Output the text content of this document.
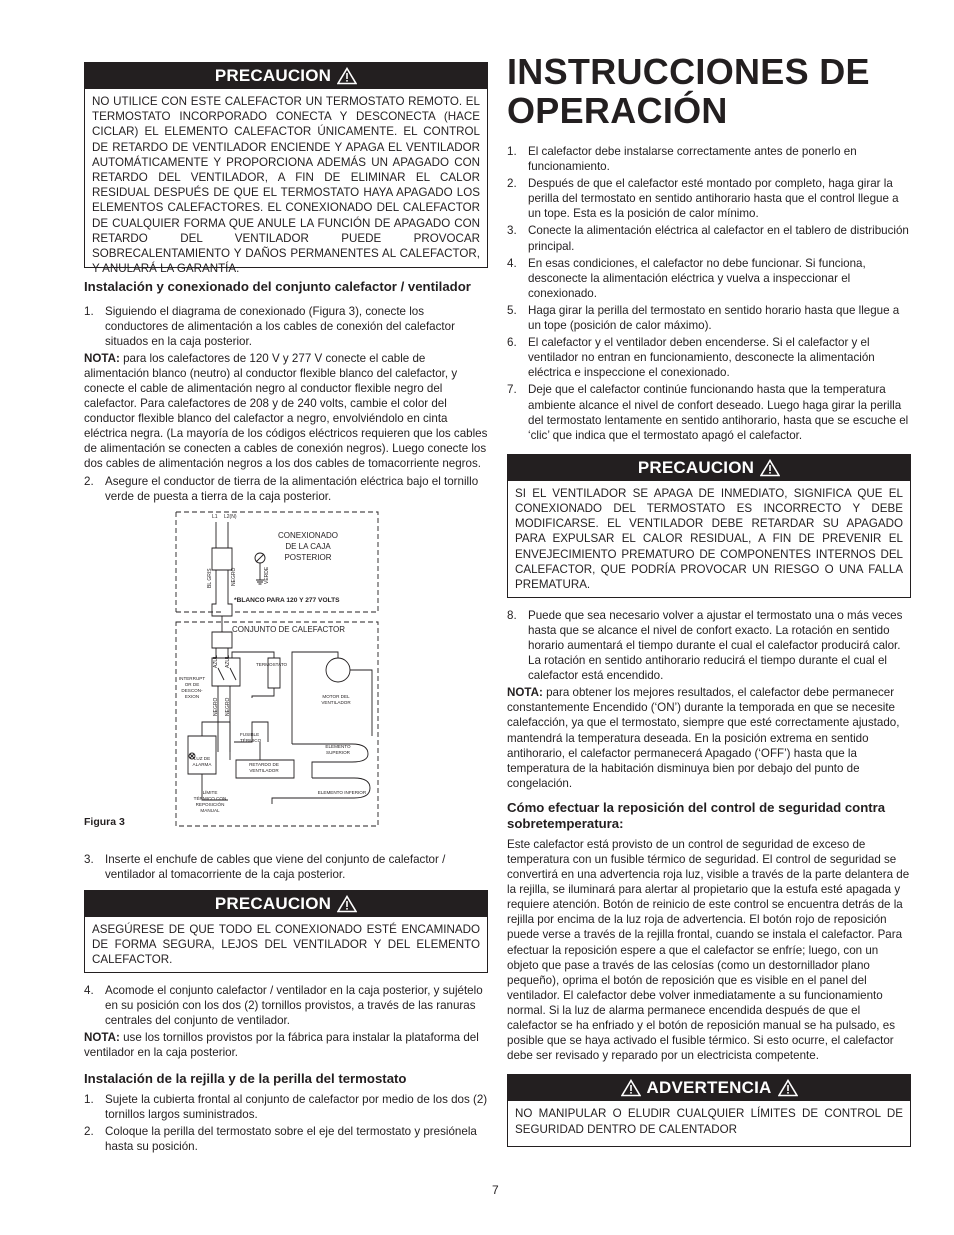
PRECAUCION
NO UTILICE CON ESTE CALEFACTOR UN TERMOSTATO REMOTO. EL TERMOSTATO INCORPORADO CONECTA Y DESCONECTA (HACE CICLAR) EL ELEMENTO CALEFACTOR ÚNICAMENTE. EL CONTROL DE RETARDO DE VENTILADOR ENCIENDE Y APAGA EL VENTILADOR AUTOMÁTICAMENTE Y PROPORCIONA ADEMÁS UN APAGADO CON RETARDO DEL VENTILADOR, A FIN DE ELIMINAR EL CALOR RESIDUAL DESPUÉS DE QUE EL TERMOSTATO HAYA APAGADO LOS ELEMENTOS CALEFACTORES. EL CONEXIONADO DEL CALEFACTOR DE CUALQUIER FORMA QUE ANULE LA FUNCIÓN DE APAGADO CON RETARDO DEL VENTILADOR PUEDE PROVOCAR SOBRECALENTAMIENTO Y DAÑOS PERMANENTES AL CALEFACTOR, Y ANULARÁ LA GARANTÍA.
Instalación y conexionado del conjunto calefactor / ventilador
1. Siguiendo el diagrama de conexionado (Figura 3), conecte los conductores de alimentación a los cables de conexión del calefactor situados en la caja posterior.

NOTA: para los calefactores de 120 V y 277 V conecte el cable de alimentación blanco (neutro) al conductor flexible blanco del calefactor, y conecte el cable de alimentación negro al conductor flexible negro del calefactor. Para calefactores de 208 y de 240 volts, cambie el color del conductor flexible blanco del calefactor a negro, envolviéndolo en cinta eléctrica negra. (La mayoría de los códigos eléctricos requieren que los cables de alimentación se conecten a cables de conexión negros). Luego conecte los dos cables de alimentación negros a los dos cables de tomacorriente negros.

2. Asegure el conductor de tierra de la alimentación eléctrica bajo el tornillo verde de puesta a tierra de la caja posterior.
L1 L2(N)
CONEXIONADO
DE LA CAJA
POSTERIOR
NEGRO
BL GRIS	VERDE
*BLANCO PARA 120 Y 277 VOLTS
CONJUNTO DE CALEFACTOR
TERMOSTATO
AZUL AZUL
INTERRUPT
OR DE
DESCON-
EXION
NEGRO NEGRO
MOTOR DEL
VENTILADOR
FUSIBLE
TÉRMICO
ELEMENTO
SUPERIOR
LUZ DE
ALARMA	RETARDO DE
VENTILADOR
ELEMENTO INFERIOR
LÍMITE
TÉRMICO CON
REPOSICIÓN
MANUAL
Figura 3
3. Inserte el enchufe de cables que viene del conjunto de calefactor / ventilador al tomacorriente de la caja posterior.
PRECAUCION
ASEGÚRESE DE QUE TODO EL CONEXIONADO ESTÉ ENCAMINADO DE FORMA SEGURA, LEJOS DEL VENTILADOR Y DEL ELEMENTO CALEFACTOR.
4. Acomode el conjunto calefactor / ventilador en la caja posterior, y sujételo en su posición con los dos (2) tornillos provistos, a través de las ranuras centrales del conjunto de ventilador.

NOTA: use los tornillos provistos por la fábrica para instalar la plataforma del ventilador en la caja posterior.

Instalación de la rejilla y de la perilla del termostato
1. Sujete la cubierta frontal al conjunto de calefactor por medio de los dos (2) tornillos largos suministrados.
2. Coloque la perilla del termostato sobre el eje del termostato y presiónela hasta su posición.
INSTRUCCIONES DE OPERACIÓN
1. El calefactor debe instalarse correctamente antes de ponerlo en funcionamiento.
2. Después de que el calefactor esté montado por completo, haga girar la perilla del termostato en sentido antihorario hasta que el control llegue a un tope. Esta es la posición de calor mínimo.
3. Conecte la alimentación eléctrica al calefactor en el tablero de distribución principal.
4. En esas condiciones, el calefactor no debe funcionar. Si funciona, desconecte la alimentación eléctrica y vuelva a inspeccionar el conexionado.
5. Haga girar la perilla del termostato en sentido horario hasta que llegue a un tope (posición de calor máximo).
6. El calefactor y el ventilador deben encenderse. Si el calefactor y el ventilador no entran en funcionamiento, desconecte la alimentación eléctrica e inspeccione el conexionado.
7. Deje que el calefactor continúe funcionando hasta que la temperatura ambiente alcance el nivel de confort deseado. Luego haga girar la perilla del termostato lentamente en sentido antihorario, hasta que se escuche el ‘clic’ que indica que el termostato apagó el calefactor.
PRECAUCION
SI EL VENTILADOR SE APAGA DE INMEDIATO, SIGNIFICA QUE EL CONEXIONADO DEL TERMOSTATO ES INCORRECTO Y DEBE MODIFICARSE. EL VENTILADOR DEBE RETARDAR SU APAGADO PARA EXPULSAR EL CALOR RESIDUAL, A FIN DE PREVENIR EL ENVEJECIMIENTO PREMATURO DE COMPONENTES INTERNOS DEL CALEFACTOR, QUE PODRÍA PROVOCAR UN RIESGO O UNA FALLA PREMATURA.
8. Puede que sea necesario volver a ajustar el termostato una o más veces hasta que se alcance el nivel de confort exacto. La rotación en sentido horario aumentará el tiempo durante el cual el calefactor producirá calor. La rotación en sentido antihorario reducirá el tiempo durante el cual el calefactor está encendido.

NOTA: para obtener los mejores resultados, el calefactor debe permanecer constantemente Encendido (‘ON’) durante la temporada en que se necesite calefacción, ya que el termostato, siempre que esté correctamente ajustado, mantendrá la temperatura deseada. En la posición extrema en sentido antihorario, el calefactor permanecerá Apagado (‘OFF’) hasta que la temperatura de la habitación disminuya bien por debajo del punto de congelación.

Cómo efectuar la reposición del control de seguridad contra sobretemperatura:

Este calefactor está provisto de un control de seguridad de exceso de temperatura con un fusible térmico de seguridad. El control de seguridad se convertirá en una advertencia roja luz, visible a través de la parte delantera de la rejilla, se iluminará para alertar al propietario que la estufa esté apagada y requiere atención. Botón de reinicio de este control se encuentra detrás de la rejilla por encima de la luz roja de advertencia. El botón rojo de reposición puede verse a través de la rejilla frontal, cuando se instala el calefactor. Para efectuar la reposición espere a que el calefactor se enfríe; luego, con un objeto que pase a través de las celosías (como un destornillador plano pequeño), oprima el botón de reposición que es visible en el panel del ventilador. El calefactor debe volver inmediatamente a su funcionamiento normal. Si la luz de alarma permanece encendida después de que el calefactor se ha enfriado y el botón de reposición manual se ha pulsado, es posible que se haya activado el fusible térmico. Si esto ocurre, el calefactor debe ser revisado y reparado por un electricista competente.

ADVERTENCIA
NO MANIPULAR O ELUDIR CUALQUIER LÍMITES DE CONTROL DE SEGURIDAD DENTRO DE CALENTADOR
7
